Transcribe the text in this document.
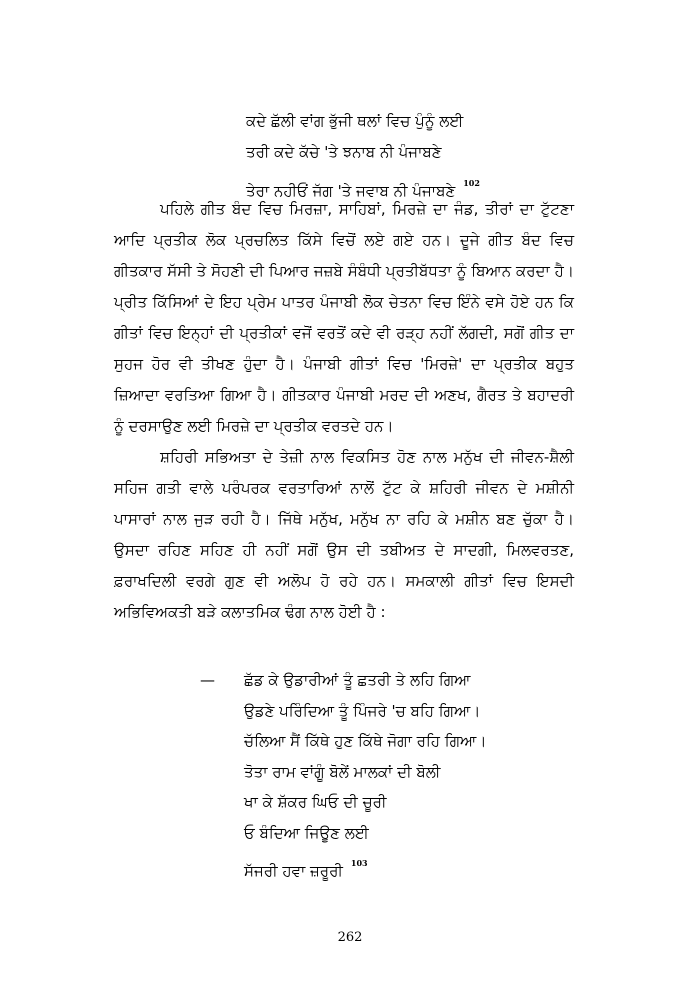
ਕਦੇ ਛੱਲੀ ਵਾਂਗ ਭੁੱਜੀ ਥਲਾਂ ਵਿਚ ਪੁੰਨੂੰ ਲਈ
ਤਰੀ ਕਦੇ ਕੱਚੇ 'ਤੇ ਝਨਾਬ ਨੀ ਪੰਜਾਬਣੇ
ਤੇਰਾ ਨਹੀਓਂ ਜੱਗ 'ਤੇ ਜਵਾਬ ਨੀ ਪੰਜਾਬਣੇ $^{102}$

ਪਹਿਲੇ ਗੀਤ ਬੰਦ ਵਿਚ ਮਿਰਜ਼ਾ, ਸਾਹਿਬਾਂ, ਮਿਰਜ਼ੇ ਦਾ ਜੰਡ, ਤੀਰਾਂ ਦਾ ਟੁੱਟਣਾ ਆਦਿ ਪ੍ਰਤੀਕ ਲੋਕ ਪ੍ਰਚਲਿਤ ਕਿੱਸੇ ਵਿਚੋਂ ਲਏ ਗਏ ਹਨ। ਦੂਜੇ ਗੀਤ ਬੰਦ ਵਿਚ ਗੀਤਕਾਰ ਸੱਸੀ ਤੇ ਸੋਹਣੀ ਦੀ ਪਿਆਰ ਜਜ਼ਬੇ ਸੰਬੰਧੀ ਪ੍ਰਤੀਬੱਧਤਾ ਨੂੰ ਬਿਆਨ ਕਰਦਾ ਹੈ। ਪ੍ਰੀਤ ਕਿੱਸਿਆਂ ਦੇ ਇਹ ਪ੍ਰੇਮ ਪਾਤਰ ਪੰਜਾਬੀ ਲੋਕ ਚੇਤਨਾ ਵਿਚ ਇੰਨੇ ਵਸੇ ਹੋਏ ਹਨ ਕਿ ਗੀਤਾਂ ਵਿਚ ਇਨ੍ਹਾਂ ਦੀ ਪ੍ਰਤੀਕਾਂ ਵਜੋਂ ਵਰਤੋਂ ਕਦੇ ਵੀ ਰੜ੍ਹ ਨਹੀਂ ਲੱਗਦੀ, ਸਗੋਂ ਗੀਤ ਦਾ ਸੁਹਜ ਹੋਰ ਵੀ ਤੀਖਣ ਹੁੰਦਾ ਹੈ। ਪੰਜਾਬੀ ਗੀਤਾਂ ਵਿਚ 'ਮਿਰਜ਼ੇ' ਦਾ ਪ੍ਰਤੀਕ ਬਹੁਤ ਜ਼ਿਆਦਾ ਵਰਤਿਆ ਗਿਆ ਹੈ। ਗੀਤਕਾਰ ਪੰਜਾਬੀ ਮਰਦ ਦੀ ਅਣਖ, ਗੈਰਤ ਤੇ ਬਹਾਦਰੀ ਨੂੰ ਦਰਸਾਉਣ ਲਈ ਮਿਰਜ਼ੇ ਦਾ ਪ੍ਰਤੀਕ ਵਰਤਦੇ ਹਨ।

ਸ਼ਹਿਰੀ ਸਭਿਅਤਾ ਦੇ ਤੇਜ਼ੀ ਨਾਲ ਵਿਕਸਿਤ ਹੋਣ ਨਾਲ ਮਨੁੱਖ ਦੀ ਜੀਵਨ-ਸ਼ੈਲੀ ਸਹਿਜ ਗਤੀ ਵਾਲੇ ਪਰੰਪਰਕ ਵਰਤਾਰਿਆਂ ਨਾਲੋਂ ਟੁੱਟ ਕੇ ਸ਼ਹਿਰੀ ਜੀਵਨ ਦੇ ਮਸ਼ੀਨੀ ਪਾਸਾਰਾਂ ਨਾਲ ਜੁੜ ਰਹੀ ਹੈ। ਜਿੱਥੇ ਮਨੁੱਖ, ਮਨੁੱਖ ਨਾ ਰਹਿ ਕੇ ਮਸ਼ੀਨ ਬਣ ਚੁੱਕਾ ਹੈ। ਉਸਦਾ ਰਹਿਣ ਸਹਿਣ ਹੀ ਨਹੀਂ ਸਗੋਂ ਉਸ ਦੀ ਤਬੀਅਤ ਦੇ ਸਾਦਗੀ, ਮਿਲਵਰਤਣ, ਫ਼ਰਾਖਦਿਲੀ ਵਰਗੇ ਗੁਣ ਵੀ ਅਲੋਪ ਹੋ ਰਹੇ ਹਨ। ਸਮਕਾਲੀ ਗੀਤਾਂ ਵਿਚ ਇਸਦੀ ਅਭਿਵਿਅਕਤੀ ਬੜੇ ਕਲਾਤਮਿਕ ਢੰਗ ਨਾਲ ਹੋਈ ਹੈ :

— ਛੱਡ ਕੇ ਉਡਾਰੀਆਂ ਤੂੰ ਛਤਰੀ ਤੇ ਲਹਿ ਗਿਆ
ਉਡਣੇ ਪਰਿੰਦਿਆ ਤੂੰ ਪਿੰਜਰੇ 'ਚ ਬਹਿ ਗਿਆ।
ਚੱਲਿਆ ਸੈਂ ਕਿੱਥੇ ਹੁਣ ਕਿੱਥੇ ਜੋਗਾ ਰਹਿ ਗਿਆ।
ਤੋਤਾ ਰਾਮ ਵਾਂਗੂੰ ਬੋਲੇਂ ਮਾਲਕਾਂ ਦੀ ਬੋਲੀ
ਖਾ ਕੇ ਸ਼ੱਕਰ ਘਿਓ ਦੀ ਚੂਰੀ
ਓ ਬੰਦਿਆ ਜਿਊਣ ਲਈ
ਸੱਜਰੀ ਹਵਾ ਜ਼ਰੂਰੀ $^{103}$
262
